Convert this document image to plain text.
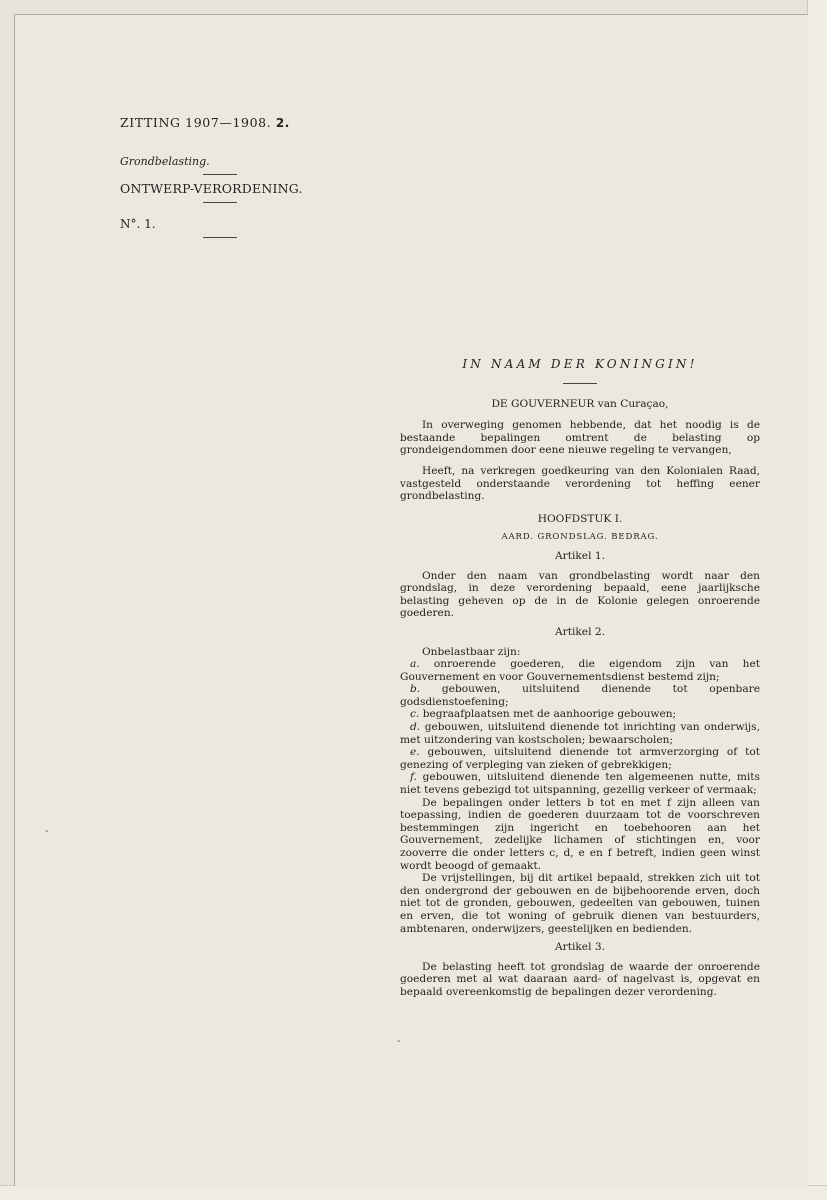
ZITTING 1907—1908. 2.

Grondbelasting.

ONTWERP-VERORDENING.

N°. 1.

IN NAAM DER KONINGIN!

DE GOUVERNEUR van Curaçao,

In overweging genomen hebbende, dat het noodig is de bestaande bepalingen omtrent de belasting op grondeigendommen door eene nieuwe regeling te vervangen,

Heeft, na verkregen goedkeuring van den Kolonialen Raad, vastgesteld onderstaande verordening tot heffing eener grondbelasting.

HOOFDSTUK I.

AARD. GRONDSLAG. BEDRAG.

Artikel 1.

Onder den naam van grondbelasting wordt naar den grondslag, in deze verordening bepaald, eene jaarlijksche belasting geheven op de in de Kolonie gelegen onroerende goederen.

Artikel 2.

Onbelastbaar zijn:

a. onroerende goederen, die eigendom zijn van het Gouvernement en voor Gouvernementsdienst bestemd zijn;

b. gebouwen, uitsluitend dienende tot openbare godsdienstoefening;

c. begraafplaatsen met de aanhoorige gebouwen;

d. gebouwen, uitsluitend dienende tot inrichting van onderwijs, met uitzondering van kostscholen; bewaarscholen;

e. gebouwen, uitsluitend dienende tot armverzorging of tot genezing of verpleging van zieken of gebrekkigen;

f. gebouwen, uitsluitend dienende ten algemeenen nutte, mits niet tevens gebezigd tot uitspanning, gezellig verkeer of vermaak;

De bepalingen onder letters b tot en met f zijn alleen van toepassing, indien de goederen duurzaam tot de voorschreven bestemmingen zijn ingericht en toebehooren aan het Gouvernement, zedelijke lichamen of stichtingen en, voor zooverre die onder letters c, d, e en f betreft, indien geen winst wordt beoogd of gemaakt.

De vrijstellingen, bij dit artikel bepaald, strekken zich uit tot den ondergrond der gebouwen en de bijbehoorende erven, doch niet tot de gronden, gebouwen, gedeelten van gebouwen, tuinen en erven, die tot woning of gebruik dienen van bestuurders, ambtenaren, onderwijzers, geestelijken en bedienden.

Artikel 3.

De belasting heeft tot grondslag de waarde der onroerende goederen met al wat daaraan aard- of nagelvast is, opgevat en bepaald overeenkomstig de bepalingen dezer verordening.

-
-
